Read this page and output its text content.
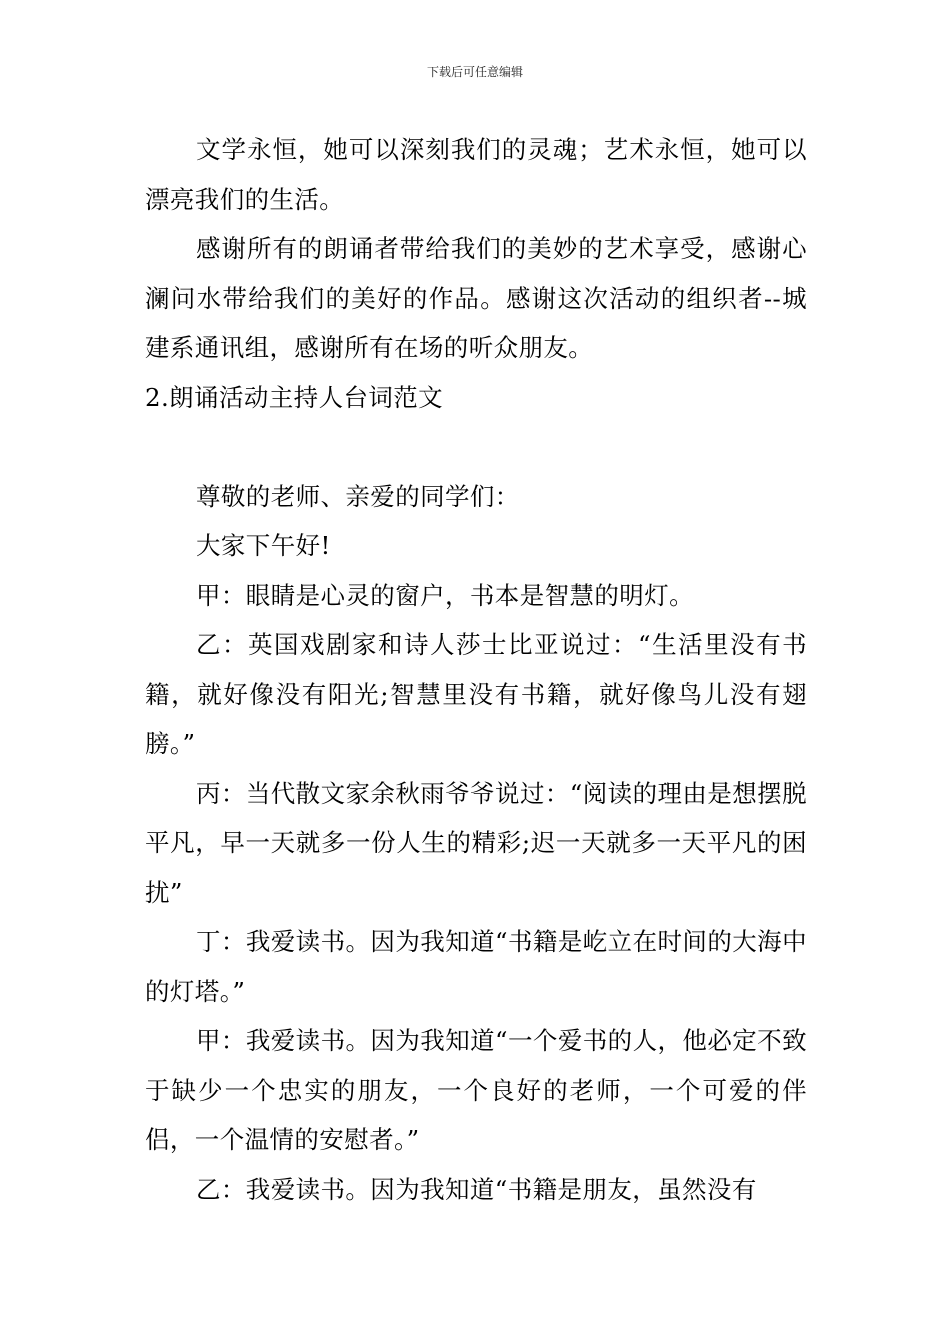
下载后可任意编辑

文学永恒，她可以深刻我们的灵魂；艺术永恒，她可以漂亮我们的生活。

感谢所有的朗诵者带给我们的美妙的艺术享受，感谢心澜问水带给我们的美好的作品。感谢这次活动的组织者--城建系通讯组，感谢所有在场的听众朋友。

2.朗诵活动主持人台词范文

尊敬的老师、亲爱的同学们：

大家下午好!

甲：眼睛是心灵的窗户，书本是智慧的明灯。

乙：英国戏剧家和诗人莎士比亚说过：“生活里没有书籍，就好像没有阳光;智慧里没有书籍，就好像鸟儿没有翅膀。”

丙：当代散文家余秋雨爷爷说过：“阅读的理由是想摆脱平凡，早一天就多一份人生的精彩;迟一天就多一天平凡的困扰”

丁：我爱读书。因为我知道“书籍是屹立在时间的大海中的灯塔。”

甲：我爱读书。因为我知道“一个爱书的人，他必定不致于缺少一个忠实的朋友，一个良好的老师，一个可爱的伴侣，一个温情的安慰者。”

乙：我爱读书。因为我知道“书籍是朋友，虽然没有
